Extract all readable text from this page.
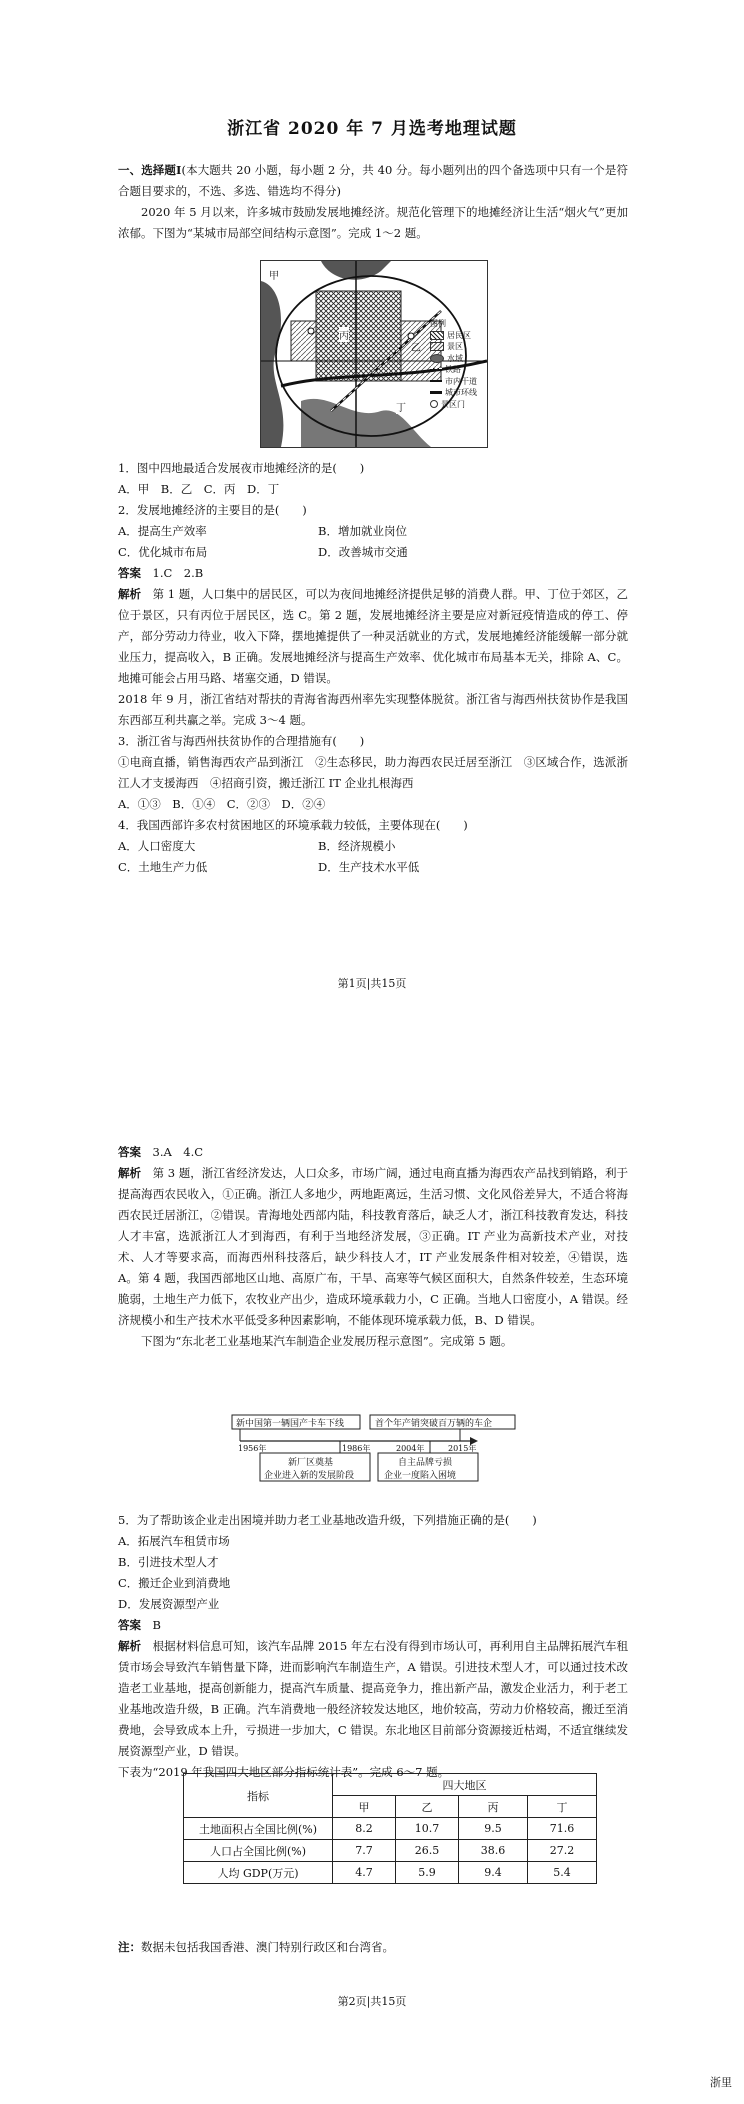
浙江省 2020 年 7 月选考地理试题

一、选择题Ⅰ(本大题共 20 小题，每小题 2 分，共 40 分。每小题列出的四个备选项中只有一个是符合题目要求的，不选、多选、错选均不得分)

2020 年 5 月以来，许多城市鼓励发展地摊经济。规范化管理下的地摊经济让生活“烟火气”更加浓郁。下图为“某城市局部空间结构示意图”。完成 1～2 题。

甲
乙
丙
丁
图例
居民区
景区
水域
铁路
市内干道
城市环线
景区门

1．图中四地最适合发展夜市地摊经济的是(　　)

A．甲　B．乙　C．丙　D．丁

2．发展地摊经济的主要目的是(　　)

A．提高生产效率	B．增加就业岗位
C．优化城市布局	D．改善城市交通

答案　 1.C　2.B

解析　 第 1 题，人口集中的居民区，可以为夜间地摊经济提供足够的消费人群。甲、丁位于郊区，乙位于景区，只有丙位于居民区，选 C。第 2 题，发展地摊经济主要是应对新冠疫情造成的停工、停产，部分劳动力待业，收入下降，摆地摊提供了一种灵活就业的方式，发展地摊经济能缓解一部分就业压力，提高收入，B 正确。发展地摊经济与提高生产效率、优化城市布局基本无关，排除 A、C。地摊可能会占用马路、堵塞交通，D 错误。

2018 年 9 月，浙江省结对帮扶的青海省海西州率先实现整体脱贫。浙江省与海西州扶贫协作是我国东西部互利共赢之举。完成 3～4 题。

3．浙江省与海西州扶贫协作的合理措施有(　　)

①电商直播，销售海西农产品到浙江　②生态移民，助力海西农民迁居至浙江　③区域合作，选派浙江人才支援海西　④招商引资，搬迁浙江 IT 企业扎根海西

A．①③　B．①④　C．②③　D．②④

4．我国西部许多农村贫困地区的环境承载力较低，主要体现在(　　)

A．人口密度大	B．经济规模小
C．土地生产力低	D．生产技术水平低
第1页|共15页

答案　 3.A　4.C

解析　 第 3 题，浙江省经济发达，人口众多，市场广阔，通过电商直播为海西农产品找到销路，利于提高海西农民收入，①正确。浙江人多地少，两地距离远，生活习惯、文化风俗差异大，不适合将海西农民迁居浙江，②错误。青海地处西部内陆，科技教育落后，缺乏人才，浙江科技教育发达，科技人才丰富，选派浙江人才到海西，有利于当地经济发展，③正确。IT 产业为高新技术产业，对技术、人才等要求高，而海西州科技落后，缺少科技人才，IT 产业发展条件相对较差，④错误，选 A。第 4 题，我国西部地区山地、高原广布，干旱、高寒等气候区面积大，自然条件较差，生态环境脆弱，土地生产力低下，农牧业产出少，造成环境承载力小，C 正确。当地人口密度小，A 错误。经济规模小和生产技术水平低受多种因素影响，不能体现环境承载力低，B、D 错误。

下图为“东北老工业基地某汽车制造企业发展历程示意图”。完成第 5 题。

新中国第一辆国产卡车下线	首个年产销突破百万辆的车企
1956年	1986年	2004年	2015年
新厂区奠基
企业进入新的发展阶段
自主品牌亏损
企业一度陷入困境

5．为了帮助该企业走出困境并助力老工业基地改造升级，下列措施正确的是(　　)

A．拓展汽车租赁市场

B．引进技术型人才

C．搬迁企业到消费地

D．发展资源型产业

答案　 B

解析　 根据材料信息可知，该汽车品牌 2015 年左右没有得到市场认可，再利用自主品牌拓展汽车租赁市场会导致汽车销售量下降，进而影响汽车制造生产，A 错误。引进技术型人才，可以通过技术改造老工业基地，提高创新能力，提高汽车质量、提高竞争力，推出新产品，激发企业活力，利于老工业基地改造升级，B 正确。汽车消费地一般经济较发达地区，地价较高，劳动力价格较高，搬迁至消费地，会导致成本上升，亏损进一步加大，C 错误。东北地区目前部分资源接近枯竭，不适宜继续发展资源型产业，D 错误。

下表为“2019 年我国四大地区部分指标统计表”。完成 6～7 题。

指标	四大地区			
	甲	乙	丙	丁
土地面积占全国比例(%)	8.2	10.7	9.5	71.6
人口占全国比例(%)	7.7	26.5	38.6	27.2
人均 GDP(万元)	4.7	5.9	9.4	5.4

注：数据未包括我国香港、澳门特别行政区和台湾省。

第2页|共15页
浙里
